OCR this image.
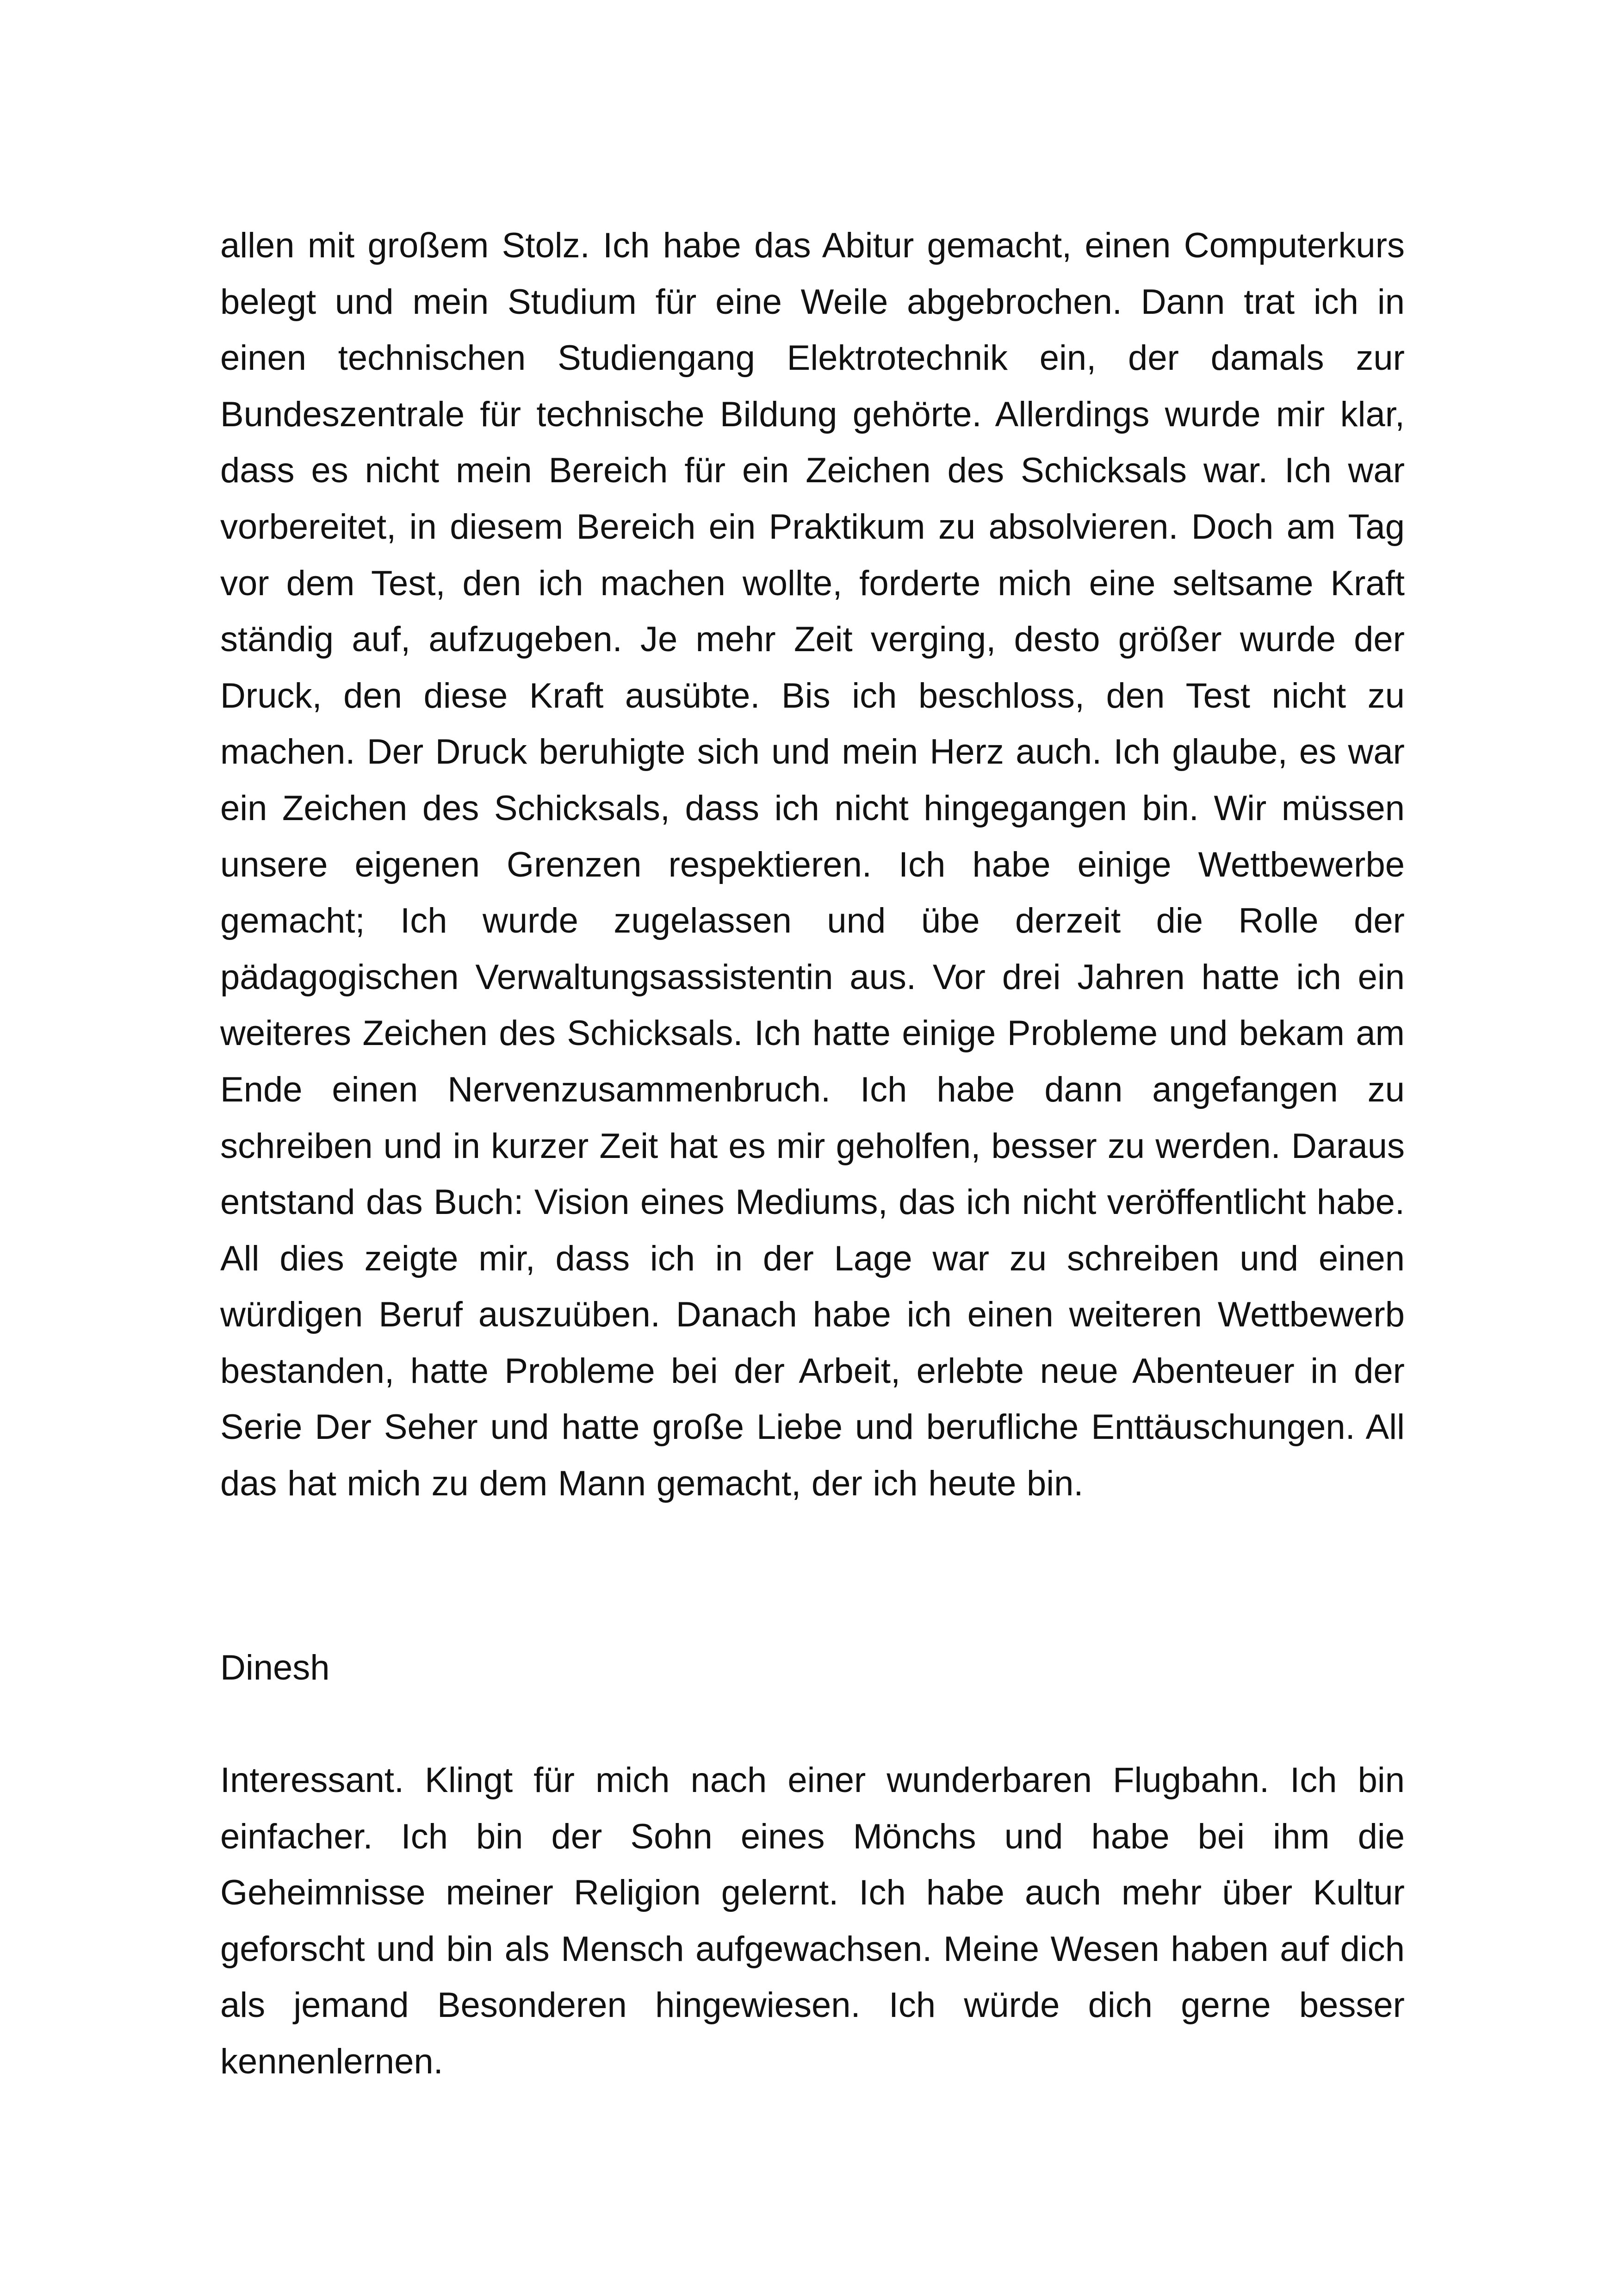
allen mit großem Stolz. Ich habe das Abitur gemacht, einen Computerkurs belegt und mein Studium für eine Weile abgebrochen. Dann trat ich in einen technischen Studiengang Elektrotechnik ein, der damals zur Bundeszentrale für technische Bildung gehörte. Allerdings wurde mir klar, dass es nicht mein Bereich für ein Zeichen des Schicksals war. Ich war vorbereitet, in diesem Bereich ein Praktikum zu absolvieren. Doch am Tag vor dem Test, den ich machen wollte, forderte mich eine seltsame Kraft ständig auf, aufzugeben. Je mehr Zeit verging, desto größer wurde der Druck, den diese Kraft ausübte. Bis ich beschloss, den Test nicht zu machen. Der Druck beruhigte sich und mein Herz auch. Ich glaube, es war ein Zeichen des Schicksals, dass ich nicht hingegangen bin. Wir müssen unsere eigenen Grenzen respektieren. Ich habe einige Wettbewerbe gemacht; Ich wurde zugelassen und übe derzeit die Rolle der pädagogischen Verwaltungsassistentin aus. Vor drei Jahren hatte ich ein weiteres Zeichen des Schicksals. Ich hatte einige Probleme und bekam am Ende einen Nervenzusammenbruch. Ich habe dann angefangen zu schreiben und in kurzer Zeit hat es mir geholfen, besser zu werden. Daraus entstand das Buch: Vision eines Mediums, das ich nicht veröffentlicht habe. All dies zeigte mir, dass ich in der Lage war zu schreiben und einen würdigen Beruf auszuüben. Danach habe ich einen weiteren Wettbewerb bestanden, hatte Probleme bei der Arbeit, erlebte neue Abenteuer in der Serie Der Seher und hatte große Liebe und berufliche Enttäuschungen. All das hat mich zu dem Mann gemacht, der ich heute bin.

Dinesh

Interessant. Klingt für mich nach einer wunderbaren Flugbahn. Ich bin einfacher. Ich bin der Sohn eines Mönchs und habe bei ihm die Geheimnisse meiner Religion gelernt. Ich habe auch mehr über Kultur geforscht und bin als Mensch aufgewachsen. Meine Wesen haben auf dich als jemand Besonderen hingewiesen. Ich würde dich gerne besser kennenlernen.
